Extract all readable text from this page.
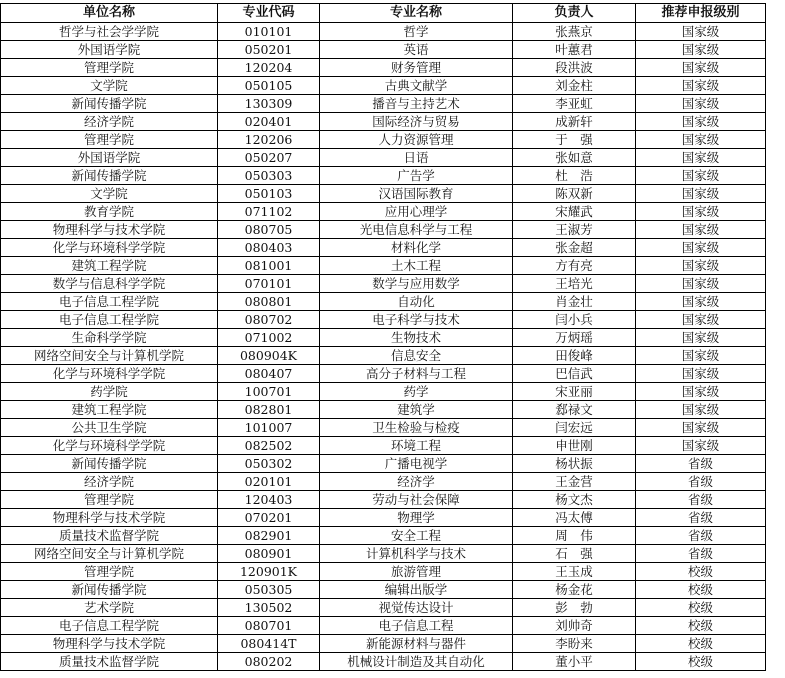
单位名称	专业代码	专业名称	负责人	推荐申报级别
哲学与社会学学院	010101	哲学	张燕京	国家级
外国语学院	050201	英语	叶蕙君	国家级
管理学院	120204	财务管理	段洪波	国家级
文学院	050105	古典文献学	刘金柱	国家级
新闻传播学院	130309	播音与主持艺术	李亚虹	国家级
经济学院	020401	国际经济与贸易	成新轩	国家级
管理学院	120206	人力资源管理	于　强	国家级
外国语学院	050207	日语	张如意	国家级
新闻传播学院	050303	广告学	杜　浩	国家级
文学院	050103	汉语国际教育	陈双新	国家级
教育学院	071102	应用心理学	宋耀武	国家级
物理科学与技术学院	080705	光电信息科学与工程	王淑芳	国家级
化学与环境科学学院	080403	材料化学	张金超	国家级
建筑工程学院	081001	土木工程	方有亮	国家级
数学与信息科学学院	070101	数学与应用数学	王培光	国家级
电子信息工程学院	080801	自动化	肖金壮	国家级
电子信息工程学院	080702	电子科学与技术	闫小兵	国家级
生命科学学院	071002	生物技术	万炳瑶	国家级
网络空间安全与计算机学院	080904K	信息安全	田俊峰	国家级
化学与环境科学学院	080407	高分子材料与工程	巴信武	国家级
药学院	100701	药学	宋亚丽	国家级
建筑工程学院	082801	建筑学	郄禄文	国家级
公共卫生学院	101007	卫生检验与检疫	闫宏远	国家级
化学与环境科学学院	082502	环境工程	申世刚	国家级
新闻传播学院	050302	广播电视学	杨状振	省级
经济学院	020101	经济学	王金营	省级
管理学院	120403	劳动与社会保障	杨文杰	省级
物理科学与技术学院	070201	物理学	冯太傅	省级
质量技术监督学院	082901	安全工程	周　伟	省级
网络空间安全与计算机学院	080901	计算机科学与技术	石　强	省级
管理学院	120901K	旅游管理	王玉成	校级
新闻传播学院	050305	编辑出版学	杨金花	校级
艺术学院	130502	视觉传达设计	彭　勃	校级
电子信息工程学院	080701	电子信息工程	刘帅奇	校级
物理科学与技术学院	080414T	新能源材料与器件	李盼来	校级
质量技术监督学院	080202	机械设计制造及其自动化	董小平	校级
